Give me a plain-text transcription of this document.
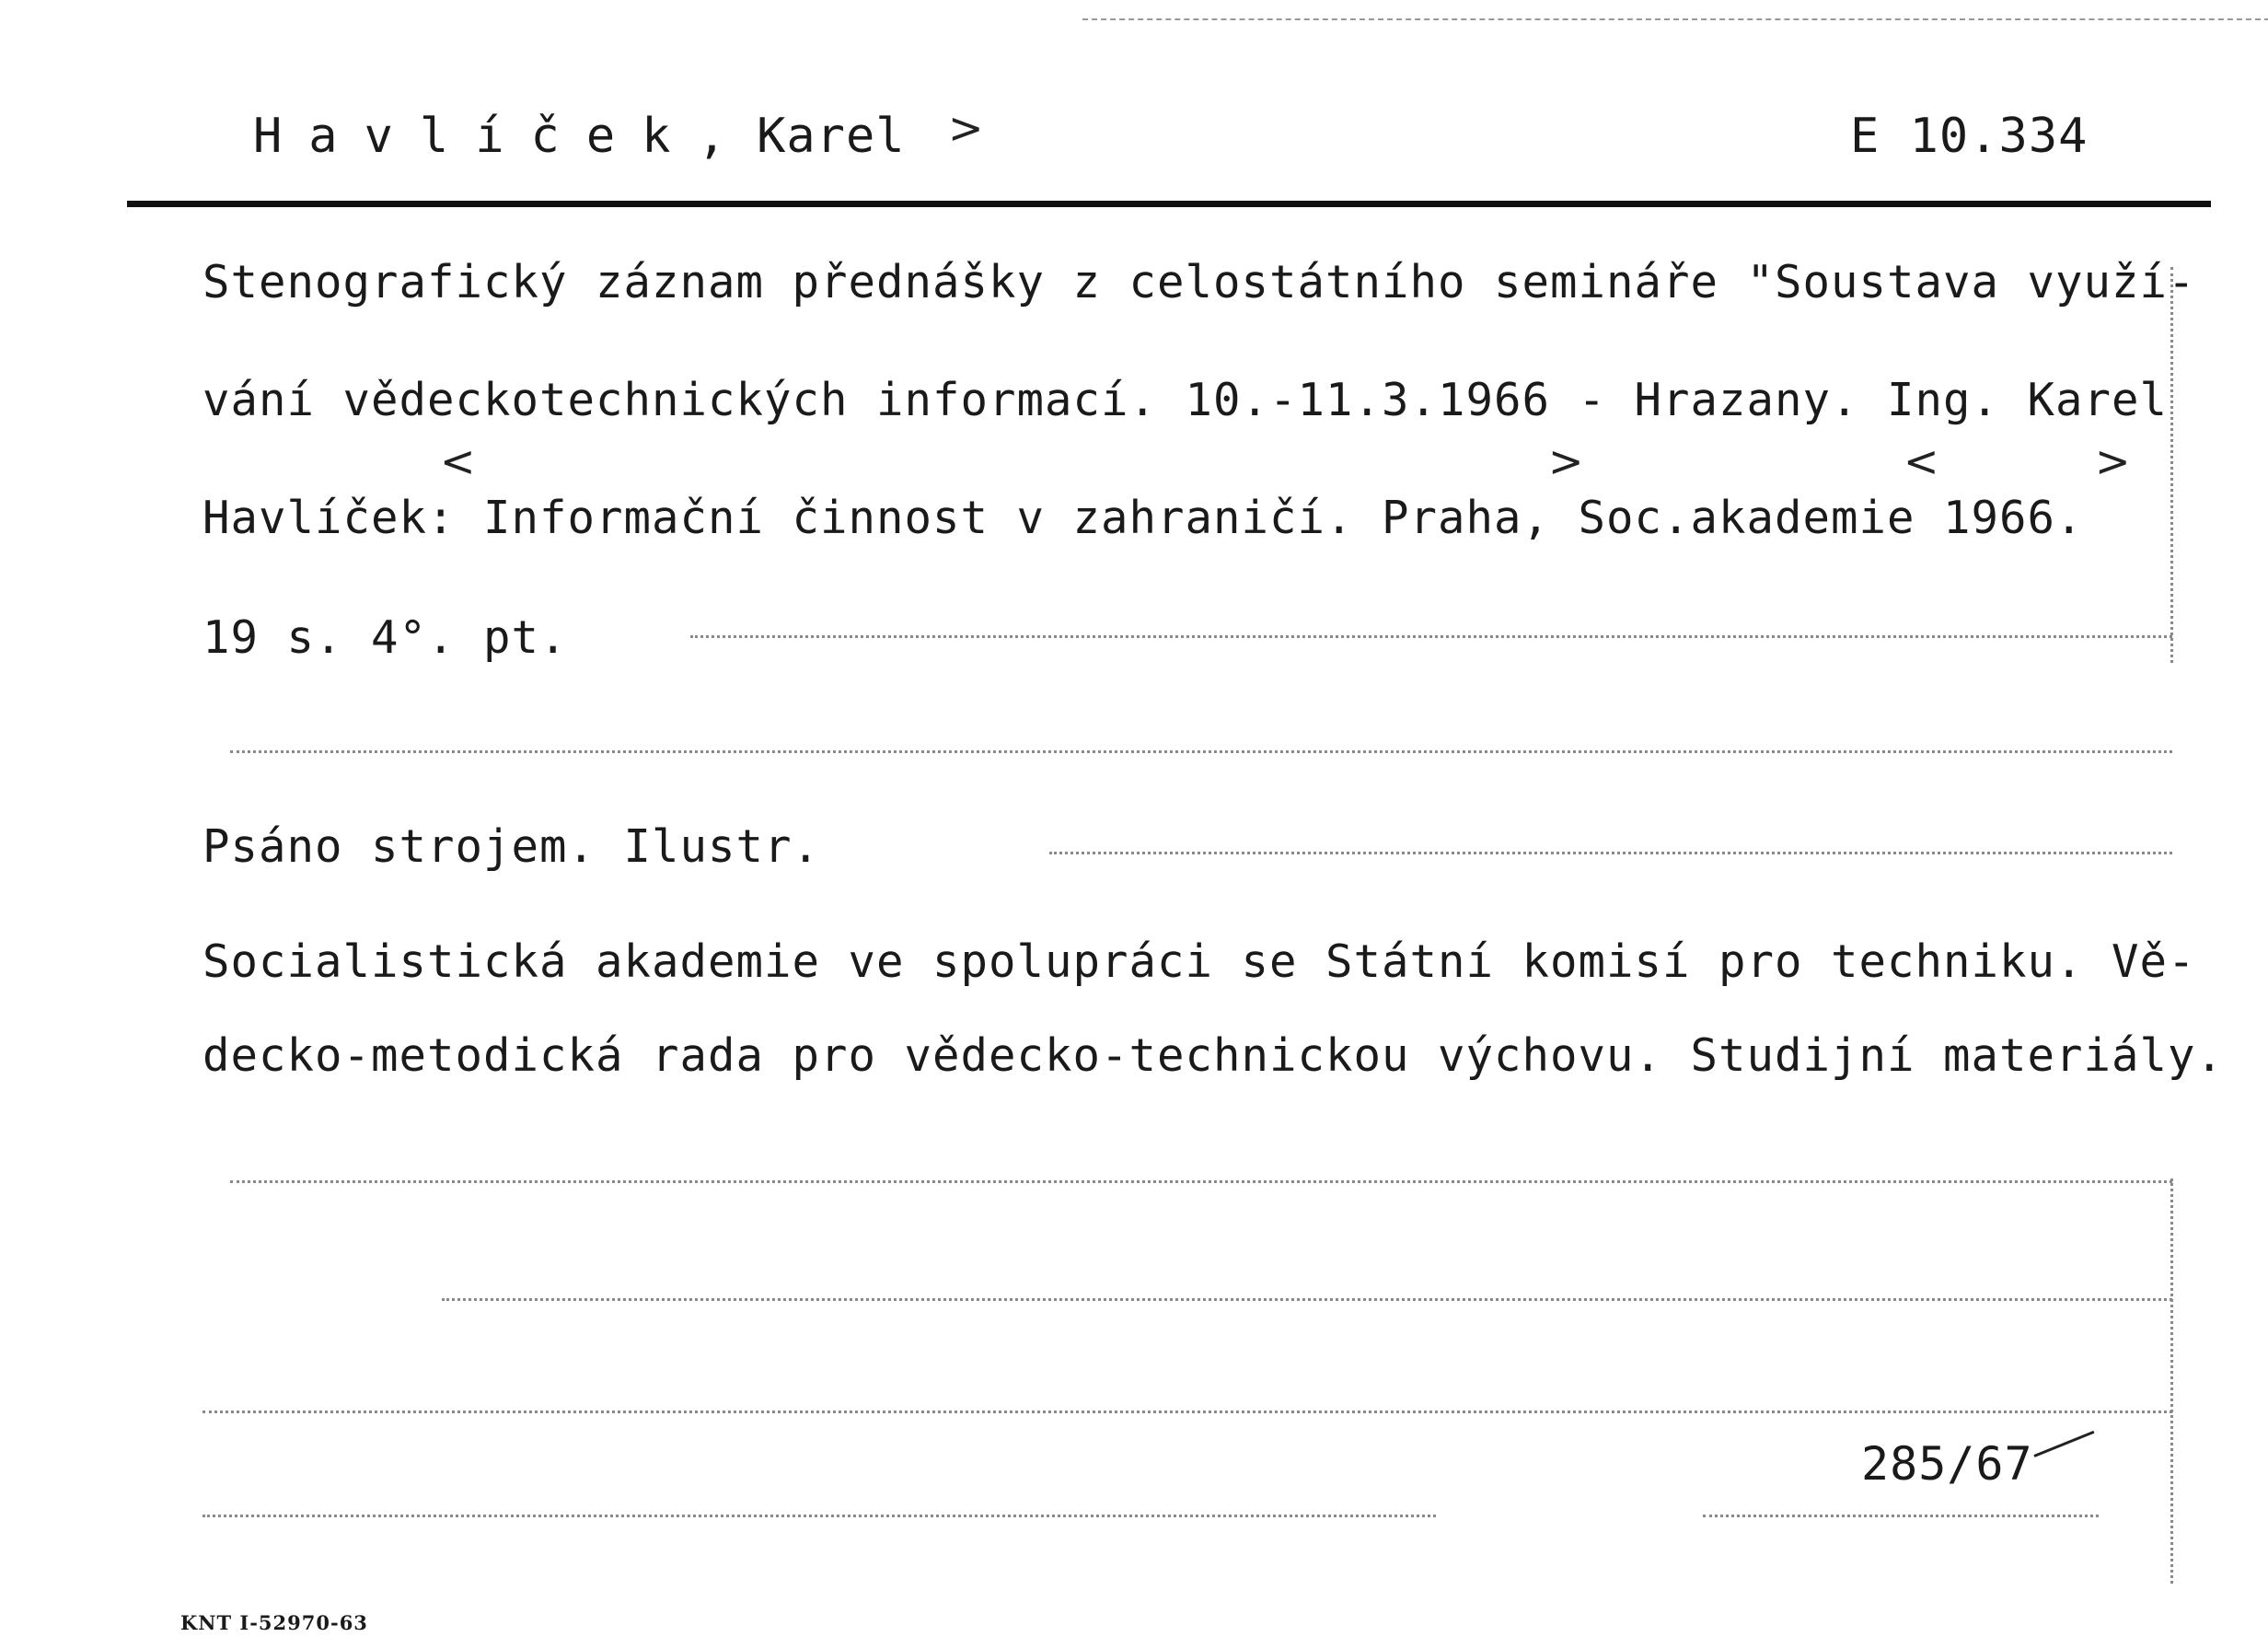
Havlíček, Karel >	E 10.334
Stenografický záznam přednášky z celostátního semináře "Soustava využí-
vání vědeckotechnických informací. 10.-11.3.1966 - Hrazany. Ing. Karel
<	>	<	>
Havlíček: Informační činnost v zahraničí. Praha, Soc.akademie 1966.
19 s. 4°. pt.
Psáno strojem. Ilustr.
Socialistická akademie ve spolupráci se Státní komisí pro techniku. Vě-
decko-metodická rada pro vědecko-technickou výchovu. Studijní materiály.
285/67
KNT I-52970-63
